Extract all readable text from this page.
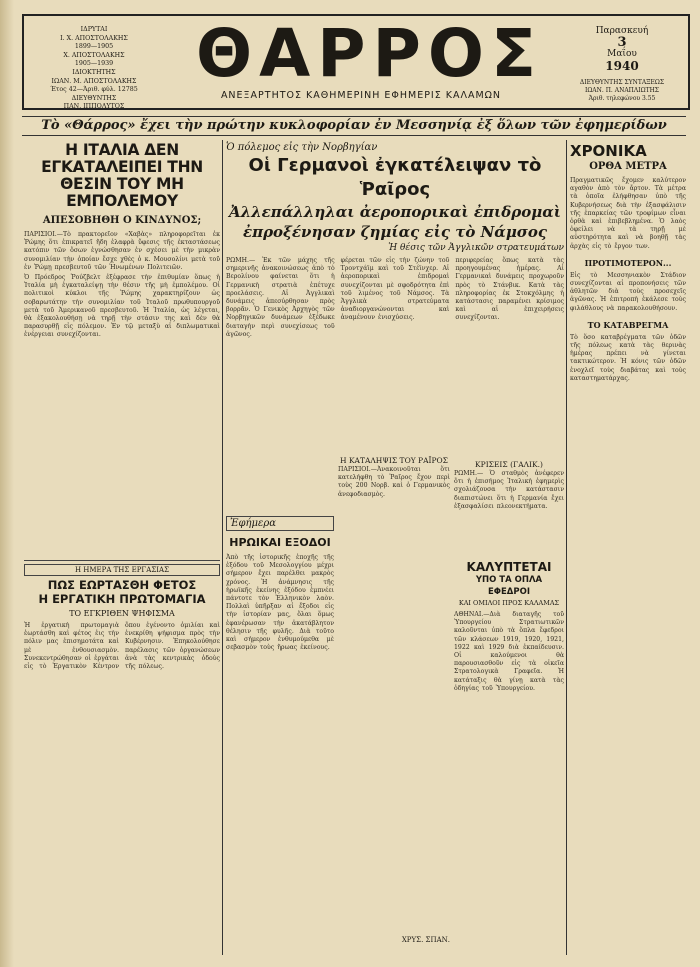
ΙΔΡΥΤΑΙ
Ι. Χ. ΑΠΟΣΤΟΛΑΚΗΣ
1899—1905
Χ. ΑΠΟΣΤΟΛΑΚΗΣ
1905—1939
ΙΔΙΟΚΤΗΤΗΣ
ΙΩΑΝ. Μ. ΑΠΟΣΤΟΛΑΚΗΣ
Έτος 42—Άριθ. φύλ. 12785
ΔΙΕΥΘΥΝΤΗΣ
ΠΑΝ. ΙΠΠΟΛΥΤΟΣ
ΘΑΡΡΟΣ
ΑΝΕΞΑΡΤΗΤΟΣ ΚΑΘΗΜΕΡΙΝΗ ΕΦΗΜΕΡΙΣ ΚΑΛΑΜΩΝ
Παρασκευή
3
Μαΐου
1940
ΔΙΕΥΘΥΝΤΗΣ ΣΥΝΤΑΞΕΩΣ
ΙΩΑΝ. Π. ΑΝΑΠΛΙΩΤΗΣ
Άριθ. τηλεφώνου 3.55
Τὸ «Θάρρος» ἔχει τὴν πρώτην κυκλοφορίαν ἐν Μεσσηνίᾳ ἐξ ὅλων τῶν ἐφημερίδων
Η ΙΤΑΛΙΑ ΔΕΝ ΕΓΚΑΤΑΛΕΙΠΕΙ ΤΗΝ ΘΕΣΙΝ ΤΟΥ ΜΗ ΕΜΠΟΛΕΜΟΥ
ΑΠΕΣΟΒΗΘΗ Ο ΚΙΝΔΥΝΟΣ;
ΠΑΡΙΣΙΟΙ.—Τὸ πρακτορεῖον «Χαβὰς» πληροφορεῖται ἐκ Ῥώμης ὅτι ἐπικρατεῖ ἤδη ἐλαφρὰ ὕφεσις τῆς ἐκταστάσεως κατόπιν τῶν ὅσων ἐγνώσθησαν ἐν σχέσει μὲ τὴν μικρὰν συνομιλίαν τὴν ὁποίαν ἔσχε χθὲς ὁ κ. Μουσολίνι μετὰ τοῦ ἐν Ῥώμῃ πρεσβευτοῦ τῶν Ἡνωμένων Πολιτειῶν.
Ὁ Πρόεδρος Ῥούζβελτ ἐξέφρασε τὴν ἐπιθυμίαν ὅπως ἡ Ἰταλία μὴ ἐγκαταλείψῃ τὴν θέσιν τῆς μὴ ἐμπολέμου. Οἱ πολιτικοὶ κύκλοι τῆς Ῥώμης χαρακτηρίζουν ὡς σοβαρωτάτην τὴν συνομιλίαν τοῦ Ἰταλοῦ πρωθυπουργοῦ μετὰ τοῦ Ἀμερικανοῦ πρεσβευτοῦ. Ἡ Ἰταλία, ὡς λέγεται, θὰ ἐξακολουθήσῃ νὰ τηρῇ τὴν στάσιν της καὶ δὲν θὰ παρασυρθῇ εἰς πόλεμον. Ἐν τῷ μεταξὺ αἱ διπλωματικαὶ ἐνέργειαι συνεχίζονται.
Η ΗΜΕΡΑ ΤΗΣ ΕΡΓΑΣΙΑΣ
ΠΩΣ ΕΩΡΤΑΣΘΗ ΦΕΤΟΣ
Η ΕΡΓΑΤΙΚΗ ΠΡΩΤΟΜΑΓΙΑ
ΤΟ ΕΓΚΡΙΘΕΝ ΨΗΦΙΣΜΑ
Ἡ ἐργατικὴ πρωτομαγιὰ ἑωρτάσθη καὶ φέτος ἐις τὴν πόλιν μας ἐπισημοτάτα καὶ μὲ ἐνθουσιασμὸν. Συνεκεντρώθησαν οἱ ἐργάται εἰς τὸ Ἐργατικὸν Κέντρον ὅπου ἐγένοντο ὁμιλίαι καὶ ἐνεκρίθη ψήφισμα πρὸς τὴν Κυβέρνησιν. Ἐπηκολούθησε παρέλασις τῶν ὀργανώσεων ἀνὰ τὰς κεντρικὰς ὁδοὺς τῆς πόλεως.
Ὁ πόλεμος εἰς τὴν Νορβηγίαν
Οἱ Γερμανοὶ ἐγκατέλειψαν τὸ Ῥαῖρος
Ἀλλεπάλληλαι ἀεροπορικαὶ ἐπιδρομαὶ
ἐπροξένησαν ζημίας εἰς τὸ Νάμσος
Ἡ θέσις τῶν Ἀγγλικῶν στρατευμάτων
ΡΩΜΗ.— Ἐκ τῶν μάχης τῆς σημερινῆς ἀνακοινώσεως ἀπὸ τὸ Βερολίνου φαίνεται ὅτι ἡ Γερμανικὴ στρατιὰ ἐπέτυχε προελάσεις. Αἱ Ἀγγλικαὶ δυνάμεις ἀπεσύρθησαν πρὸς βορρᾶν. Ὁ Γενικὸς Ἀρχηγὸς τῶν Νορβηγικῶν δυνάμεων ἐξέδωκε διαταγὴν περὶ συνεχίσεως τοῦ ἀγῶνος.
φέρεται τῶν εἰς τὴν ζώνην τοῦ Τροντχάϊμ καὶ τοῦ Στέϊνχερ. Αἱ ἀεροπορικαὶ ἐπιδρομαὶ συνεχίζονται μὲ σφοδρότητα ἐπὶ τοῦ λιμένος τοῦ Νάμσος. Τὰ Ἀγγλικὰ στρατεύματα ἀναδιοργανώνονται καὶ ἀναμένουν ἐνισχύσεις.
περιφερείας ὅπως κατὰ τὰς προηγουμένας ἡμέρας. Αἱ Γερμανικαὶ δυνάμεις προχωροῦν πρὸς τὸ Στάνβικ. Κατὰ τὰς πληροφορίας ἐκ Στοκχόλμης ἡ κατάστασις παραμένει κρίσιμος καὶ αἱ ἐπιχειρήσεις συνεχίζονται.
Η ΚΑΤΑΛΗΨΙΣ ΤΟΥ ΡΑΪΡΟΣ
ΠΑΡΙΣΙΟΙ.—Ἀνακοινοῦται ὅτι κατελήφθη τὸ Ῥαῖρος ἔχον περὶ τοὺς 200 Νορβ. καὶ ὁ Γερμανικὸς ἀνεφοδιασμὸς.
ΚΡΙΣΕΙΣ (ΓΑΛΙΚ.)
ΡΩΜΗ.— Ὁ σταθμὸς ἀνέφερεν ὅτι ἡ ἐπισήμος Ἰταλικὴ ἐφημερὶς σχολιάζουσα τὴν κατάστασιν διαπιστώνει ὅτι ἡ Γερμανία ἔχει ἐξασφαλίσει πλεονεκτήματα.
Ἐφήμερα
ΗΡΩΙΚΑΙ ΕΞΟΔΟΙ
Ἀπὸ τῆς ἱστορικῆς ἐποχῆς τῆς ἐξόδου τοῦ Μεσολογγίου μέχρι σήμερον ἔχει παρέλθει μακρὸς χρόνος. Ἡ ἀνάμνησις τῆς ἡρωϊκῆς ἐκείνης ἐξόδου ἐμπνέει πάντοτε τὸν Ἑλληνικὸν λαὸν. Πολλαὶ ὑπῆρξαν αἱ ἔξοδοι εἰς τὴν ἱστορίαν μας, ὅλαι ὅμως ἐφανέρωσαν τὴν ἀκατάβλητον θέλησιν τῆς φυλῆς. Διὰ τοῦτο καὶ σήμερον ἐνθυμούμεθα μὲ σεβασμὸν τοὺς ἥρωας ἐκείνους.
ΚΑΛΥΠΤΕΤΑΙ
ΥΠΟ ΤΑ ΟΠΛΑ ΕΦΕΔΡΟΙ
ΚΑΙ ΟΜΙΛΟΙ ΠΡΟΣ ΚΑΛΑΜΑΣ
ΑΘΗΝΑΙ.—Διὰ διαταγῆς τοῦ Ὑπουργείου Στρατιωτικῶν καλοῦνται ὑπὸ τὰ ὅπλα ἔφεδροι τῶν κλάσεων 1919, 1920, 1921, 1922 καὶ 1929 διὰ ἐκπαίδευσιν. Οἱ καλούμενοι θὰ παρουσιασθοῦν εἰς τὰ οἰκεῖα Στρατολογικὰ Γραφεῖα. Ἡ κατάταξις θὰ γίνῃ κατὰ τὰς ὁδηγίας τοῦ Ὑπουργείου.
ΧΡΥΣ. ΣΠΑΝ.
ΧΡΟΝΙΚΑ
ΟΡΘΑ ΜΕΤΡΑ
Πραγματικῶς ἔχομεν καλύτερον αγαθὸν ἀπὸ τὸν ἄρτον. Τὰ μέτρα τὰ ὁποῖα ἐλήφθησαν ὑπὸ τῆς Κυβερνήσεως διὰ τὴν ἐξασφάλισιν τῆς ἐπαρκείας τῶν τροφίμων εἶναι ὀρθὰ καὶ ἐπιβεβλημένα. Ὁ λαὸς ὀφείλει νὰ τὰ τηρῇ μὲ αὐστηρότητα καὶ νὰ βοηθῇ τὰς ἀρχὰς εἰς τὸ ἔργον των.
ΠΡΟΤΙΜΟΤΕΡΟΝ...
Εἰς τὸ Μεσσηνιακὸν Στάδιον συνεχίζονται αἱ προπονήσεις τῶν ἀθλητῶν διὰ τοὺς προσεχεῖς ἀγῶνας. Ἡ ἐπιτροπὴ ἐκάλεσε τοὺς φιλάθλους νὰ παρακολουθήσουν.
ΤΟ ΚΑΤΑΒΡΕΓΜΑ
Τὸ ὅσο καταβρέγματα τῶν ὁδῶν τῆς πόλεως κατὰ τὰς θερινὰς ἡμέρας πρέπει νὰ γίνεται τακτικώτερον. Ἡ κόνις τῶν ὁδῶν ἐνοχλεῖ τοὺς διαβάτας καὶ τοὺς καταστηματάρχας.
